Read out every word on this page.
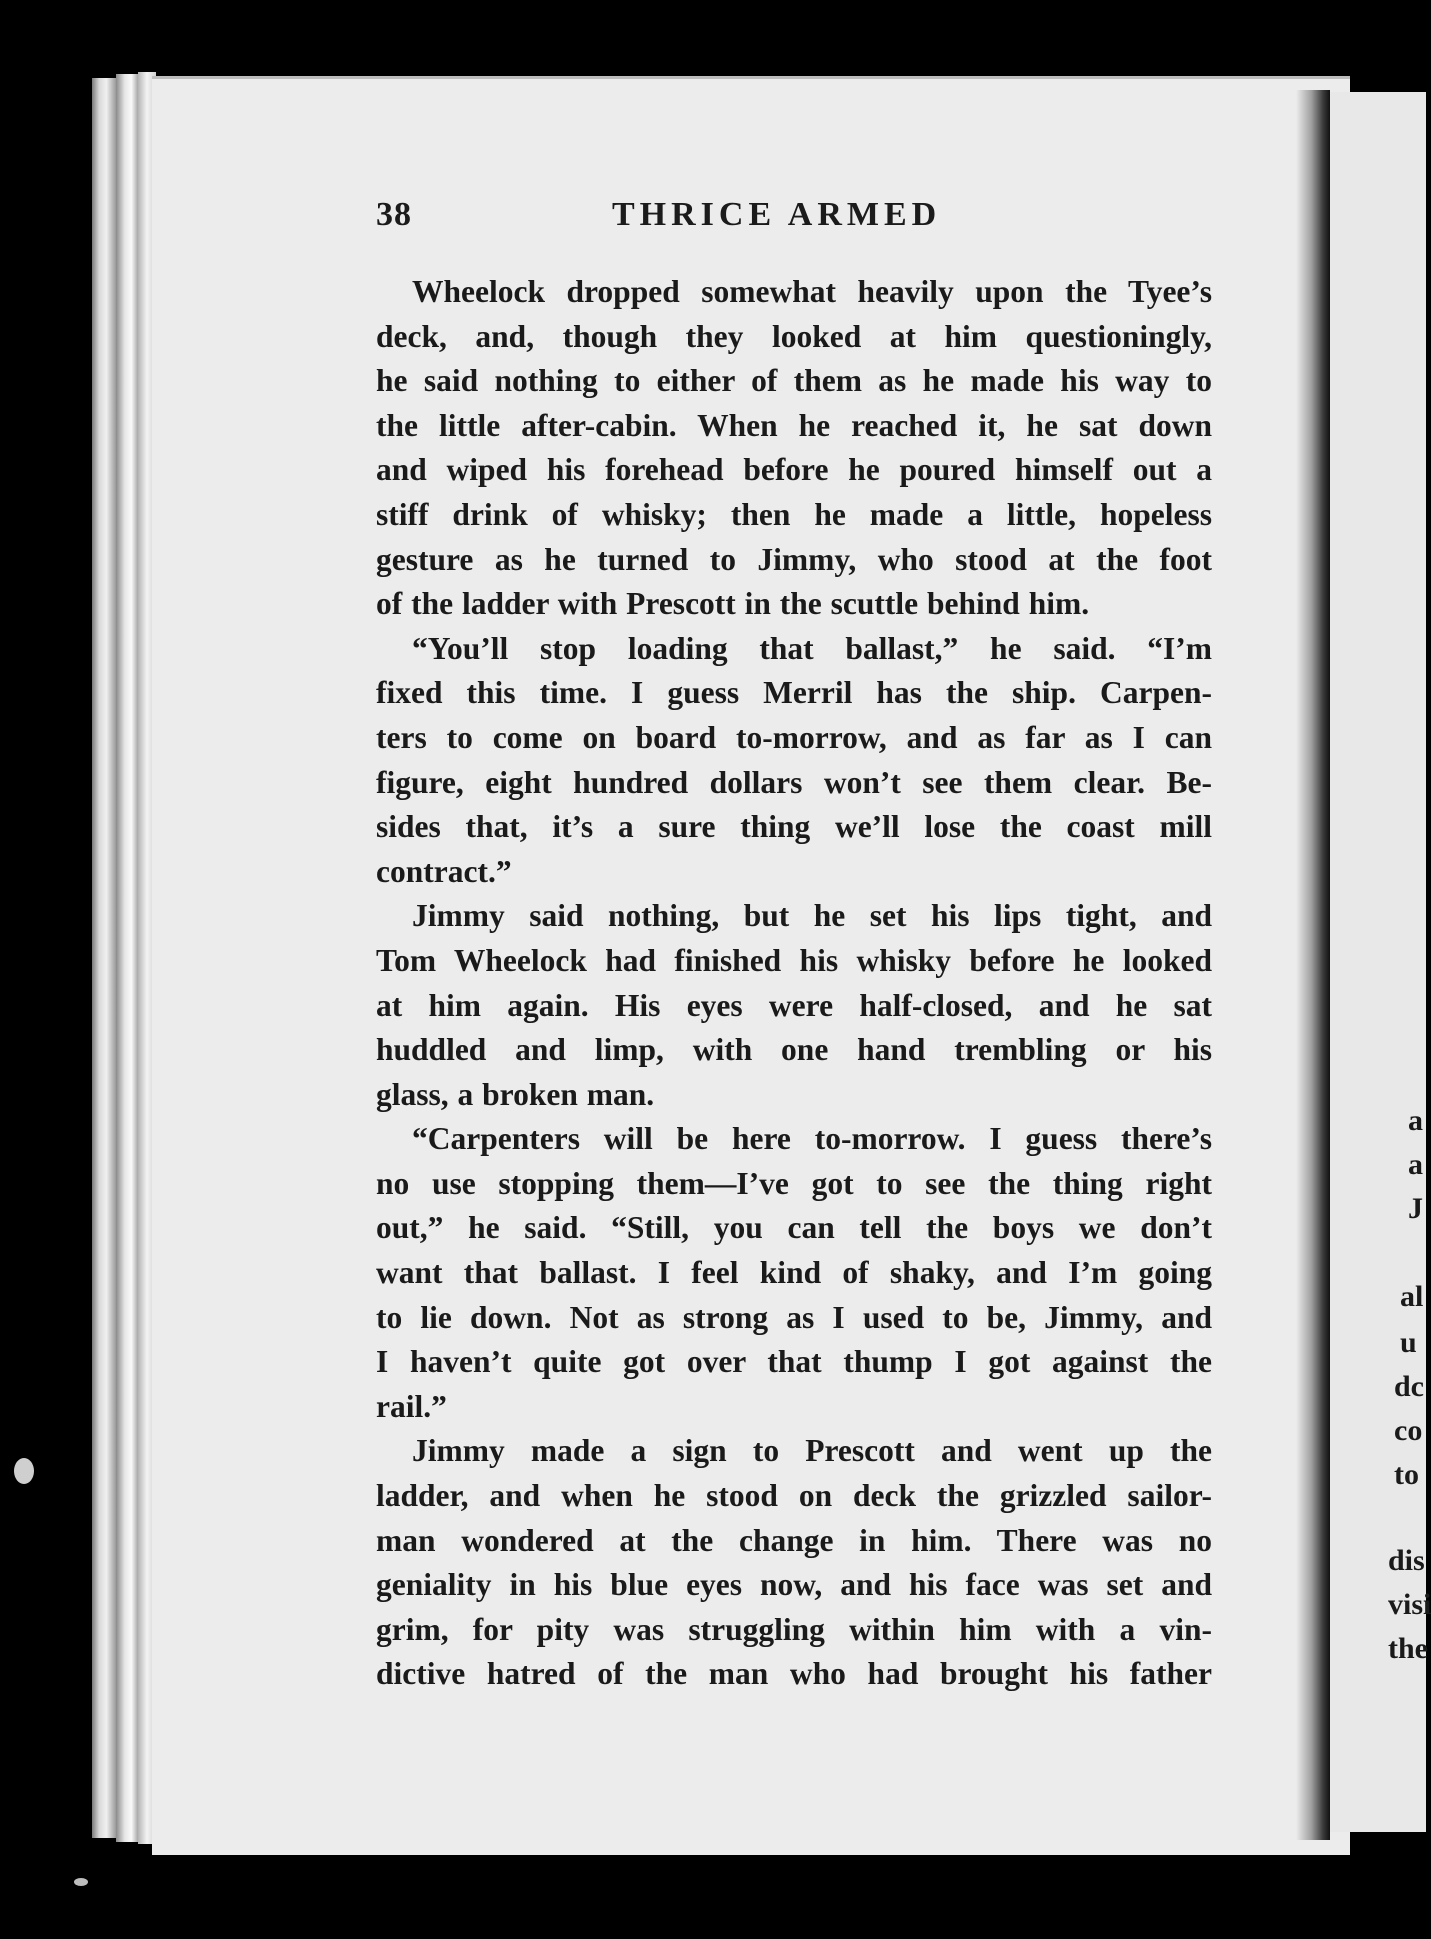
38	THRICE ARMED
Wheelock dropped somewhat heavily upon the Tyee’s
deck, and, though they looked at him questioningly,
he said nothing to either of them as he made his way to
the little after-cabin. When he reached it, he sat down
and wiped his forehead before he poured himself out a
stiff drink of whisky; then he made a little, hopeless
gesture as he turned to Jimmy, who stood at the foot
of the ladder with Prescott in the scuttle behind him.
“You’ll stop loading that ballast,” he said. “I’m
fixed this time. I guess Merril has the ship. Carpen-
ters to come on board to-morrow, and as far as I can
figure, eight hundred dollars won’t see them clear. Be-
sides that, it’s a sure thing we’ll lose the coast mill
contract.”
Jimmy said nothing, but he set his lips tight, and
Tom Wheelock had finished his whisky before he looked
at him again. His eyes were half-closed, and he sat
huddled and limp, with one hand trembling or his
glass, a broken man.
“Carpenters will be here to-morrow. I guess there’s
no use stopping them—I’ve got to see the thing right
out,” he said. “Still, you can tell the boys we don’t
want that ballast. I feel kind of shaky, and I’m going
to lie down. Not as strong as I used to be, Jimmy, and
I haven’t quite got over that thump I got against the
rail.”
Jimmy made a sign to Prescott and went up the
ladder, and when he stood on deck the grizzled sailor-
man wondered at the change in him. There was no
geniality in his blue eyes now, and his face was set and
grim, for pity was struggling within him with a vin-
dictive hatred of the man who had brought his father
a
a
J
al
u
dc
co
to
dis
visi
the
